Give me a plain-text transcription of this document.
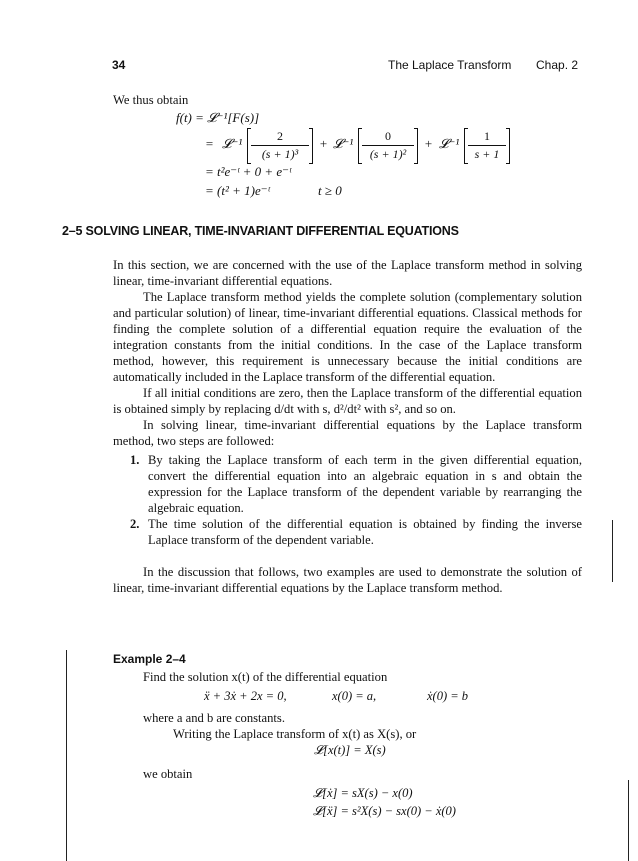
34	The Laplace Transform Chap. 2
We thus obtain
f(t) = 𝓛⁻¹[F(s)]
= 𝓛⁻¹ $\frac{2}{\text{(s + 1)³}}$ + 𝓛⁻¹ $\frac{0}{\text{(s + 1)²}}$ + 𝓛⁻¹ $\frac{1}{s + 1}$
= t²e⁻ᵗ + 0 + e⁻ᵗ
= (t² + 1)e⁻ᵗ	t ≥ 0
2–5 SOLVING LINEAR, TIME-INVARIANT DIFFERENTIAL EQUATIONS

In this section, we are concerned with the use of the Laplace transform method in solving linear, time-invariant differential equations.

The Laplace transform method yields the complete solution (complementary solution and particular solution) of linear, time-invariant differential equations. Classical methods for finding the complete solution of a differential equation require the evaluation of the integration constants from the initial conditions. In the case of the Laplace transform method, however, this requirement is unnecessary because the initial conditions are automatically included in the Laplace transform of the differential equation.

If all initial conditions are zero, then the Laplace transform of the differential equation is obtained simply by replacing d/dt with s, d²/dt² with s², and so on.

In solving linear, time-invariant differential equations by the Laplace transform method, two steps are followed:

1. By taking the Laplace transform of each term in the given differential equation, convert the differential equation into an algebraic equation in s and obtain the expression for the Laplace transform of the dependent variable by rearranging the algebraic equation.
2. The time solution of the differential equation is obtained by finding the inverse Laplace transform of the dependent variable.

In the discussion that follows, two examples are used to demonstrate the solution of linear, time-invariant differential equations by the Laplace transform method.

Example 2–4
Find the solution x(t) of the differential equation
ẍ + 3ẋ + 2x = 0,	x(0) = a,	ẋ(0) = b
where a and b are constants.
Writing the Laplace transform of x(t) as X(s), or
𝓛[x(t)] = X(s)
we obtain
𝓛[ẋ] = sX(s) − x(0)
𝓛[ẍ] = s²X(s) − sx(0) − ẋ(0)
